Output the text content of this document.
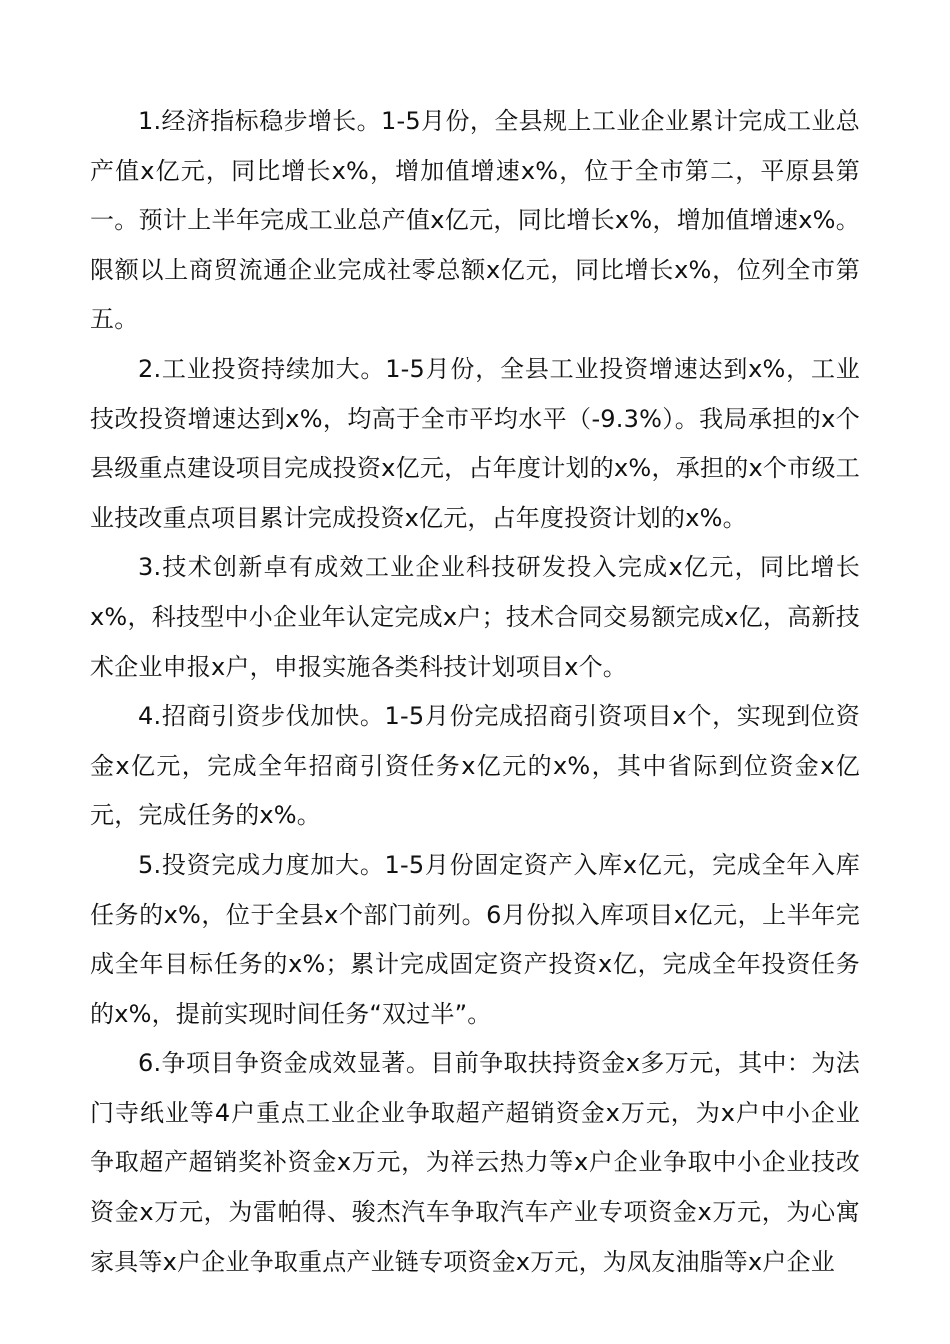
1.经济指标稳步增长。1-5月份，全县规上工业企业累计完成工业总产值x亿元，同比增长x%，增加值增速x%，位于全市第二，平原县第一。预计上半年完成工业总产值x亿元，同比增长x%，增加值增速x%。限额以上商贸流通企业完成社零总额x亿元，同比增长x%，位列全市第五。

2.工业投资持续加大。1-5月份，全县工业投资增速达到x%，工业技改投资增速达到x%，均高于全市平均水平（-9.3%）。我局承担的x个县级重点建设项目完成投资x亿元，占年度计划的x%，承担的x个市级工业技改重点项目累计完成投资x亿元，占年度投资计划的x%。

3.技术创新卓有成效工业企业科技研发投入完成x亿元，同比增长x%，科技型中小企业年认定完成x户；技术合同交易额完成x亿，高新技术企业申报x户，申报实施各类科技计划项目x个。

4.招商引资步伐加快。1-5月份完成招商引资项目x个，实现到位资金x亿元，完成全年招商引资任务x亿元的x%，其中省际到位资金x亿元，完成任务的x%。

5.投资完成力度加大。1-5月份固定资产入库x亿元，完成全年入库任务的x%，位于全县x个部门前列。6月份拟入库项目x亿元，上半年完成全年目标任务的x%；累计完成固定资产投资x亿，完成全年投资任务的x%，提前实现时间任务“双过半”。

6.争项目争资金成效显著。目前争取扶持资金x多万元，其中：为法门寺纸业等4户重点工业企业争取超产超销资金x万元，为x户中小企业争取超产超销奖补资金x万元，为祥云热力等x户企业争取中小企业技改资金x万元，为雷帕得、骏杰汽车争取汽车产业专项资金x万元，为心寓家具等x户企业争取重点产业链专项资金x万元，为凤友油脂等x户企业
